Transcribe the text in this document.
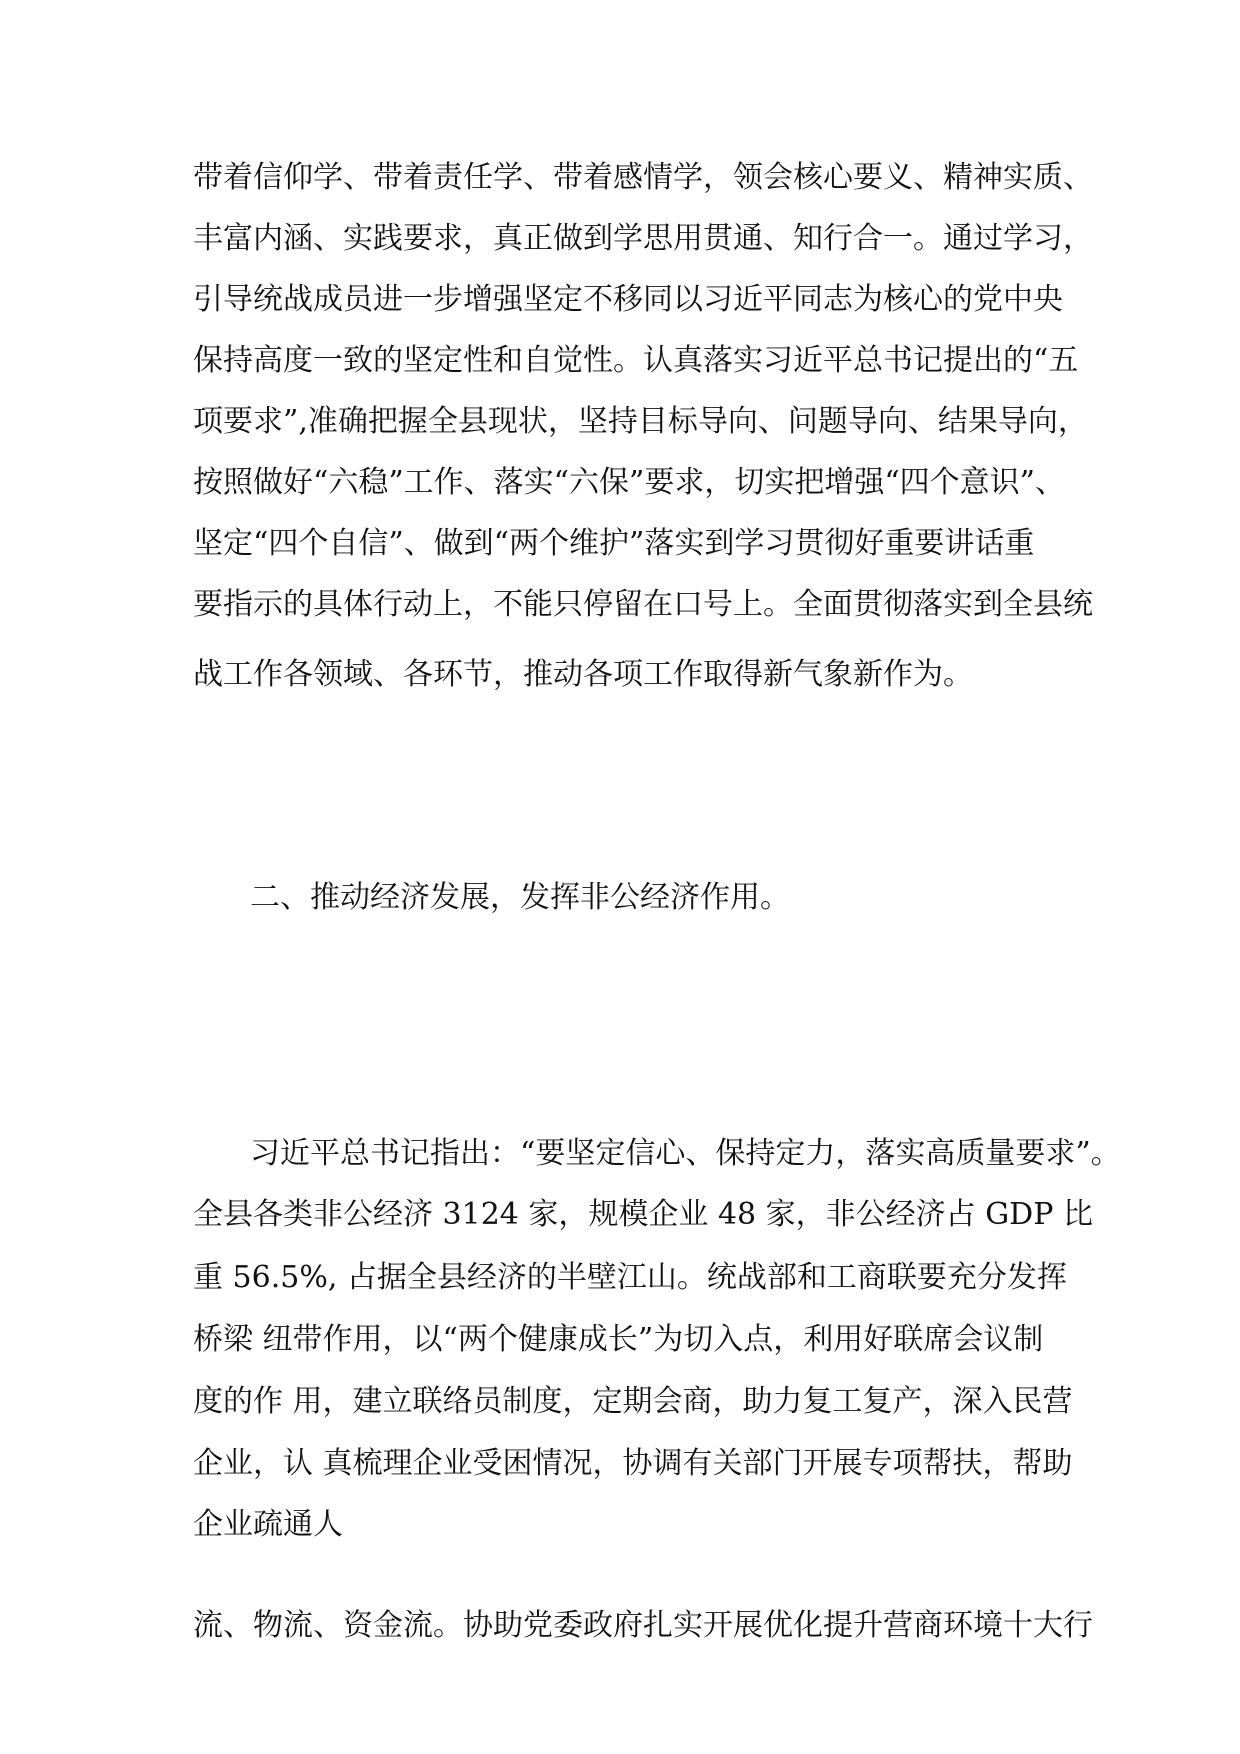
带着信仰学、带着责任学、带着感情学，领会核心要义、精神实质、
丰富内涵、实践要求，真正做到学思用贯通、知行合一。通过学习，
引导统战成员进一步增强坚定不移同以习近平同志为核心的党中央
保持高度一致的坚定性和自觉性。认真落实习近平总书记提出的“五
项要求”,准确把握全县现状，坚持目标导向、问题导向、结果导向，
按照做好“六稳”工作、落实“六保”要求，切实把增强“四个意识”、
坚定“四个自信”、做到“两个维护”落实到学习贯彻好重要讲话重
要指示的具体行动上，不能只停留在口号上。全面贯彻落实到全县统
战工作各领域、各环节，推动各项工作取得新气象新作为。
二、推动经济发展，发挥非公经济作用。
习近平总书记指出：“要坚定信心、保持定力，落实高质量要求”。
全县各类非公经济 3124 家，规模企业 48 家，非公经济占 GDP 比
重 56.5%, 占据全县经济的半壁江山。统战部和工商联要充分发挥
桥梁 纽带作用，以“两个健康成长”为切入点，利用好联席会议制
度的作 用，建立联络员制度，定期会商，助力复工复产，深入民营
企业，认 真梳理企业受困情况，协调有关部门开展专项帮扶，帮助
企业疏通人
流、物流、资金流。协助党委政府扎实开展优化提升营商环境十大行
